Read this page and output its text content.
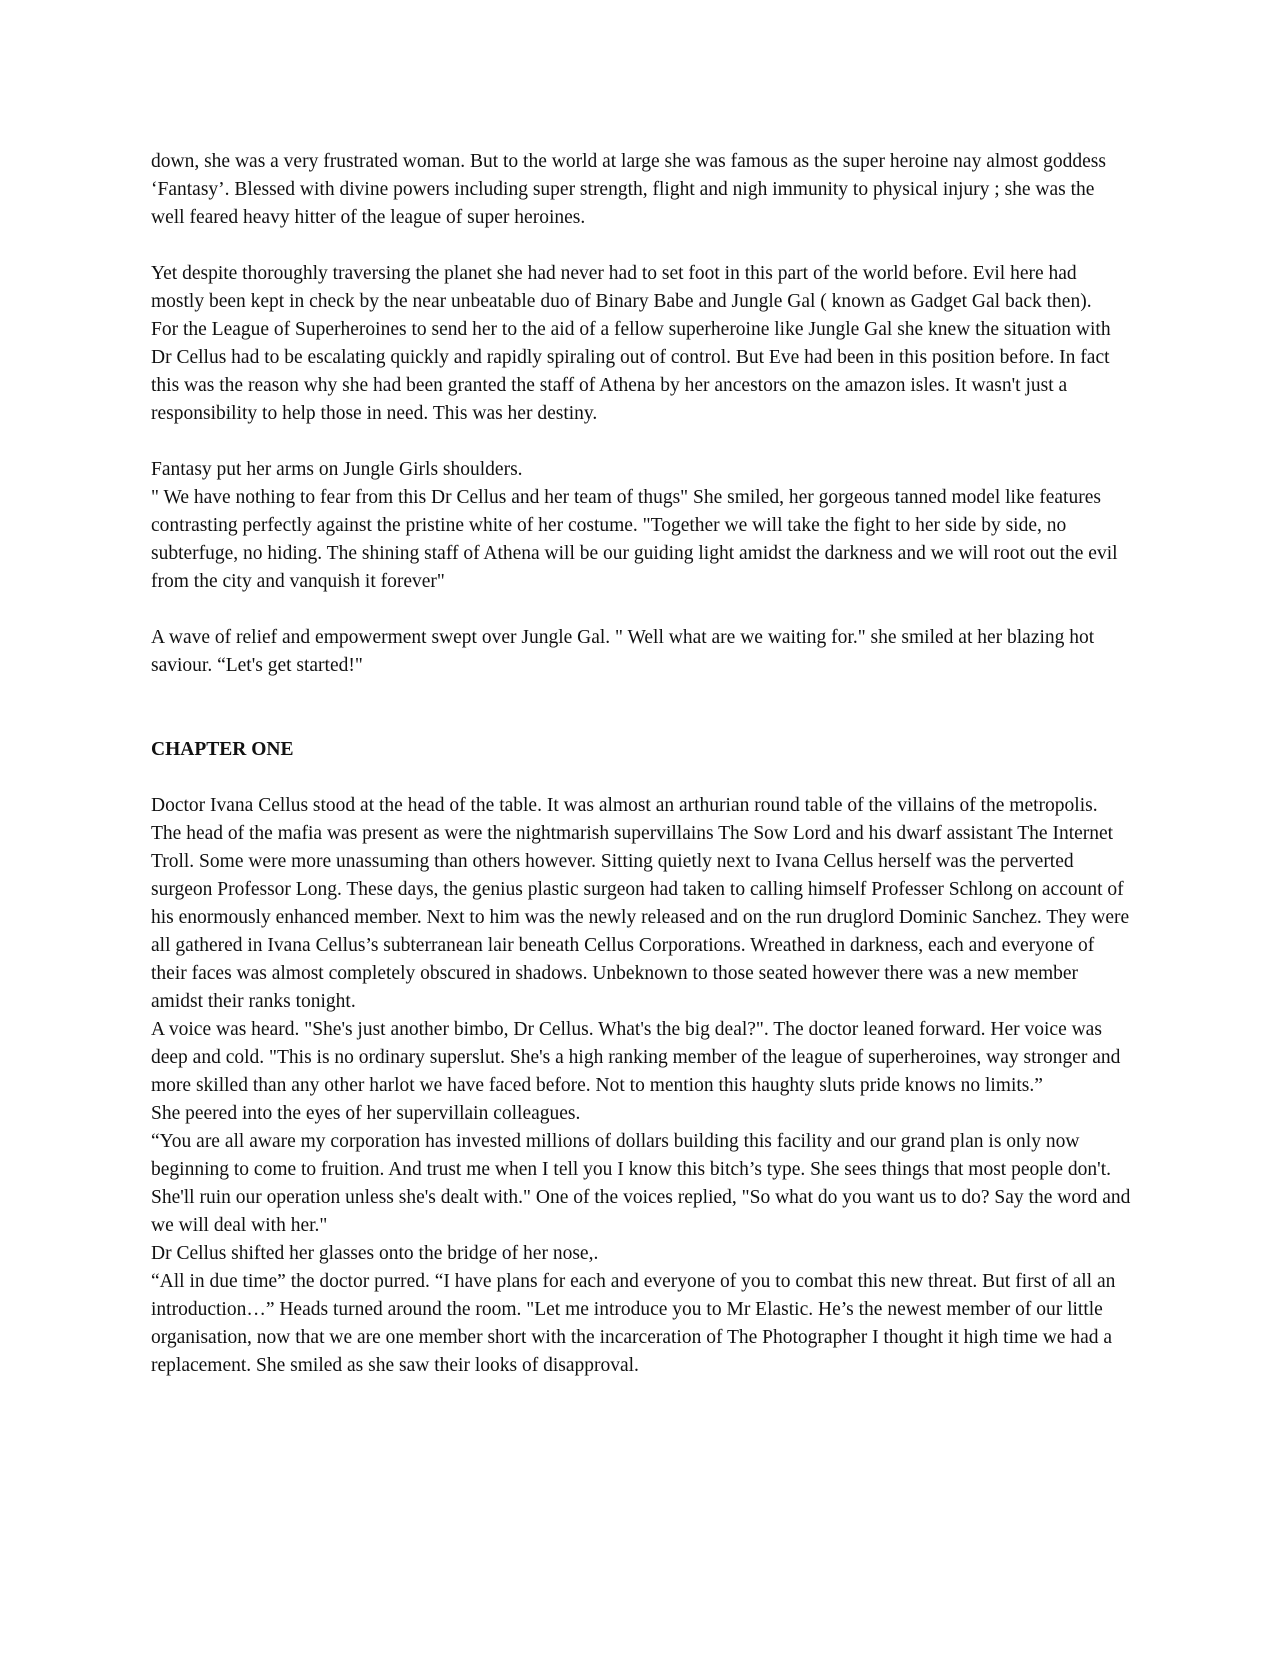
down, she was a very frustrated woman. But to the world at large she was famous as the super heroine nay almost goddess ‘Fantasy’. Blessed with divine powers including super strength, flight and nigh immunity to physical injury ; she was the well feared heavy hitter of the league of super heroines.

Yet despite thoroughly traversing the planet she had never had to set foot in this part of the world before. Evil here had mostly been kept in check by the near unbeatable duo of Binary Babe and Jungle Gal ( known as Gadget Gal back then).

For the League of Superheroines to send her to the aid of a fellow superheroine like Jungle Gal she knew the situation with Dr Cellus had to be escalating quickly and rapidly spiraling out of control. But Eve had been in this position before. In fact this was the reason why she had been granted the staff of Athena by her ancestors on the amazon isles. It wasn't just a responsibility to help those in need. This was her destiny.

Fantasy put her arms on Jungle Girls shoulders.

" We have nothing to fear from this Dr Cellus and her team of thugs" She smiled, her gorgeous tanned model like features contrasting perfectly against the pristine white of her costume. "Together we will take the fight to her side by side, no subterfuge, no hiding. The shining staff of Athena will be our guiding light amidst the darkness and we will root out the evil from the city and vanquish it forever"

A wave of relief and empowerment swept over Jungle Gal. " Well what are we waiting for." she smiled at her blazing hot saviour. “Let's get started!"

CHAPTER ONE

Doctor Ivana Cellus stood at the head of the table. It was almost an arthurian round table of the villains of the metropolis. The head of the mafia was present as were the nightmarish supervillains The Sow Lord and his dwarf assistant The Internet Troll. Some were more unassuming than others however. Sitting quietly next to Ivana Cellus herself was the perverted surgeon Professor Long. These days, the genius plastic surgeon had taken to calling himself Professer Schlong on account of his enormously enhanced member. Next to him was the newly released and on the run druglord Dominic Sanchez. They were all gathered in Ivana Cellus’s subterranean lair beneath Cellus Corporations. Wreathed in darkness, each and everyone of their faces was almost completely obscured in shadows. Unbeknown to those seated however there was a new member amidst their ranks tonight.

A voice was heard. "She's just another bimbo, Dr Cellus. What's the big deal?". The doctor leaned forward. Her voice was deep and cold. "This is no ordinary superslut. She's a high ranking member of the league of superheroines, way stronger and more skilled than any other harlot we have faced before. Not to mention this haughty sluts pride knows no limits.”

She peered into the eyes of her supervillain colleagues.

“You are all aware my corporation has invested millions of dollars building this facility and our grand plan is only now beginning to come to fruition. And trust me when I tell you I know this bitch’s type. She sees things that most people don't. She'll ruin our operation unless she's dealt with." One of the voices replied, "So what do you want us to do? Say the word and we will deal with her."

Dr Cellus shifted her glasses onto the bridge of her nose,.

“All in due time” the doctor purred. “I have plans for each and everyone of you to combat this new threat. But first of all an introduction…” Heads turned around the room. "Let me introduce you to Mr Elastic. He’s the newest member of our little organisation, now that we are one member short with the incarceration of The Photographer I thought it high time we had a replacement. She smiled as she saw their looks of disapproval.
